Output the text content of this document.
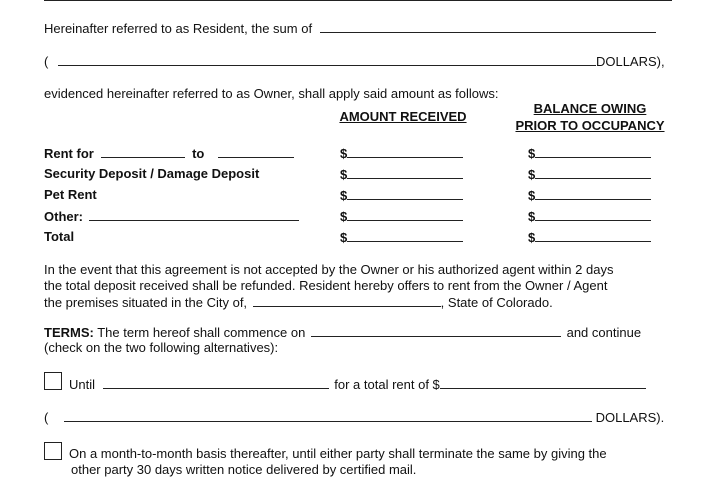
Hereinafter referred to as Resident, the sum of
(	DOLLARS),
evidenced hereinafter referred to as Owner, shall apply said amount as follows:
AMOUNT RECEIVED
BALANCE OWING
PRIOR TO OCCUPANCY
Rent for	to	$	$
Security Deposit / Damage Deposit	$	$
Pet Rent	$	$
Other:	$	$
Total	$	$
In the event that this agreement is not accepted by the Owner or his authorized agent within 2 days
the total deposit received shall be refunded. Resident hereby offers to rent from the Owner / Agent
the premises situated in the City of,	, State of Colorado.
TERMS: The term hereof shall commence on	and continue
(check on the two following alternatives):
Until	for a total rent of $
(	DOLLARS).
On a month-to-month basis thereafter, until either party shall terminate the same by giving the
other party 30 days written notice delivered by certified mail.
